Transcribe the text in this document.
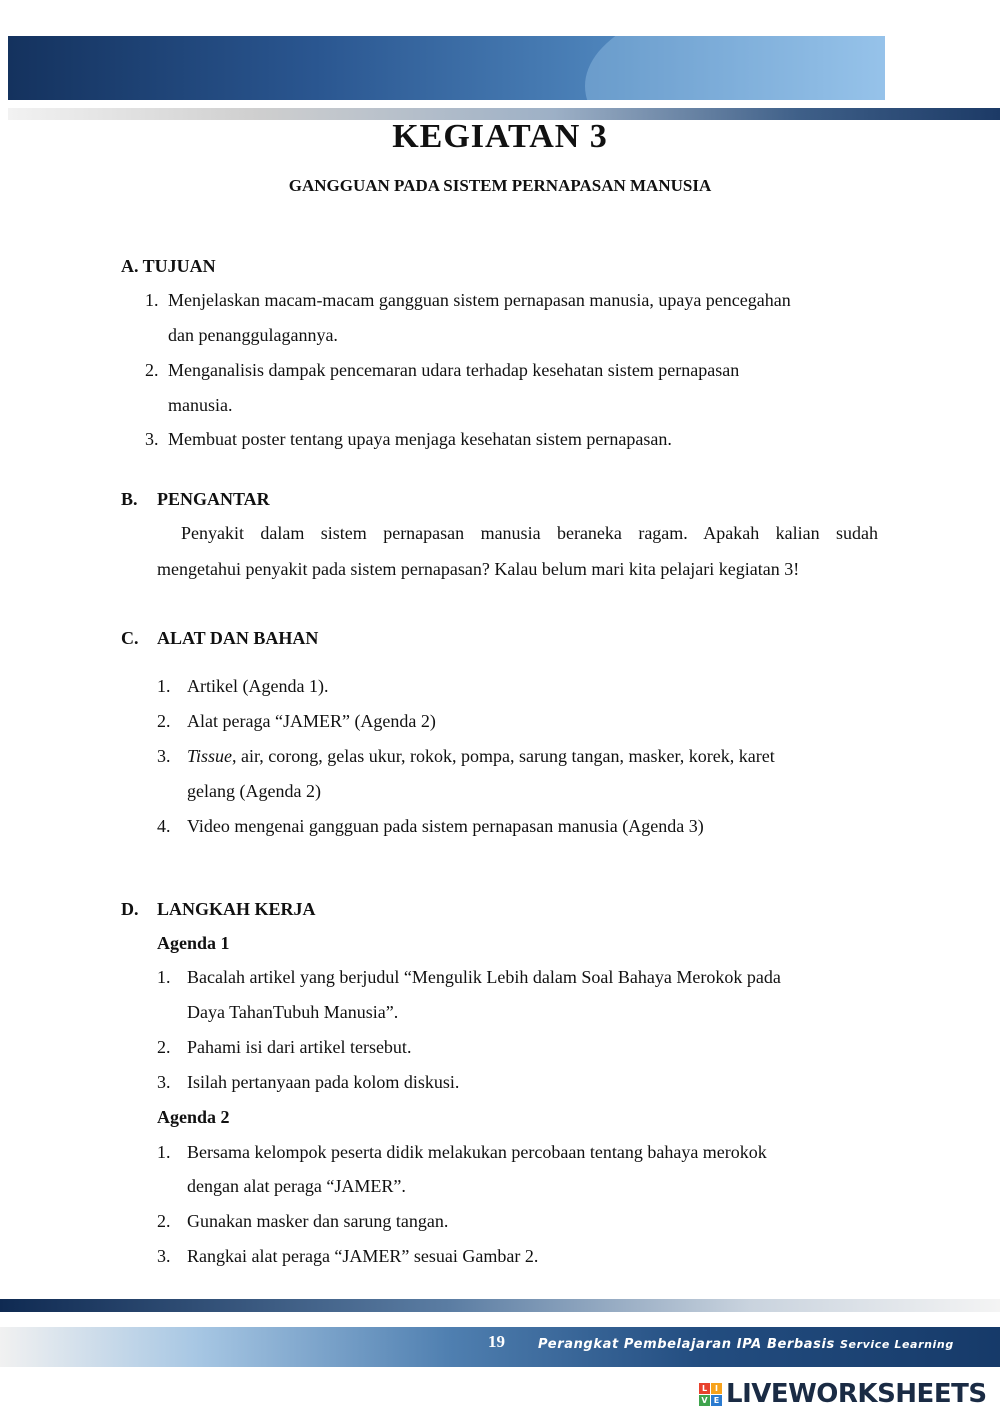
KEGIATAN 3
GANGGUAN PADA SISTEM PERNAPASAN MANUSIA
A. TUJUAN
1. Menjelaskan macam-macam gangguan sistem pernapasan manusia, upaya pencegahan
dan penanggulagannya.
2. Menganalisis dampak pencemaran udara terhadap kesehatan sistem pernapasan
manusia.
3. Membuat poster tentang upaya menjaga kesehatan sistem pernapasan.
B. PENGANTAR
Penyakit dalam sistem pernapasan manusia beraneka ragam. Apakah kalian sudah
mengetahui penyakit pada sistem pernapasan? Kalau belum mari kita pelajari kegiatan 3!
C. ALAT DAN BAHAN
1. Artikel (Agenda 1).
2. Alat peraga “JAMER” (Agenda 2)
3. Tissue, air, corong, gelas ukur, rokok, pompa, sarung tangan, masker, korek, karet
gelang (Agenda 2)
4. Video mengenai gangguan pada sistem pernapasan manusia (Agenda 3)
D. LANGKAH KERJA
Agenda 1
1. Bacalah artikel yang berjudul “Mengulik Lebih dalam Soal Bahaya Merokok pada
Daya TahanTubuh Manusia”.
2. Pahami isi dari artikel tersebut.
3. Isilah pertanyaan pada kolom diskusi.
Agenda 2
1. Bersama kelompok peserta didik melakukan percobaan tentang bahaya merokok
dengan alat peraga “JAMER”.
2. Gunakan masker dan sarung tangan.
3. Rangkai alat peraga “JAMER” sesuai Gambar 2.
19	Perangkat Pembelajaran IPA Berbasis Service Learning
L I
V E LIVEWORKSHEETS
